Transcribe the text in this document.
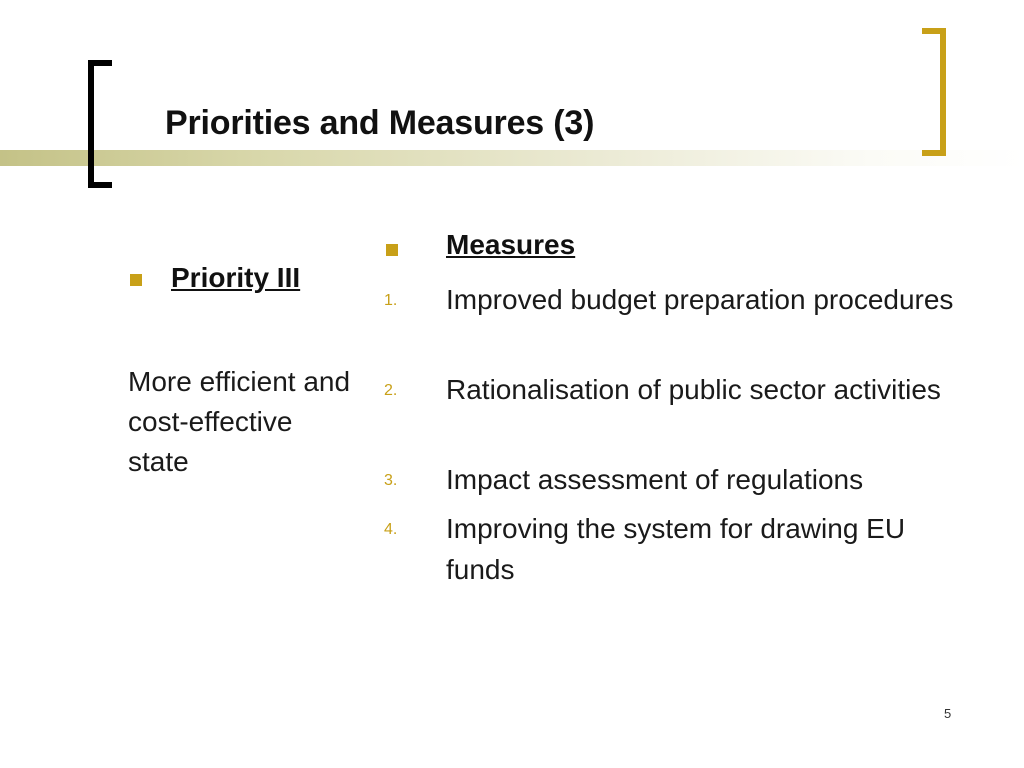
Priorities and Measures (3)
Priority III
More efficient and cost-effective state
Measures
1. Improved budget preparation procedures
2. Rationalisation of public sector activities
3. Impact assessment of regulations
4. Improving the system for drawing EU funds
5
